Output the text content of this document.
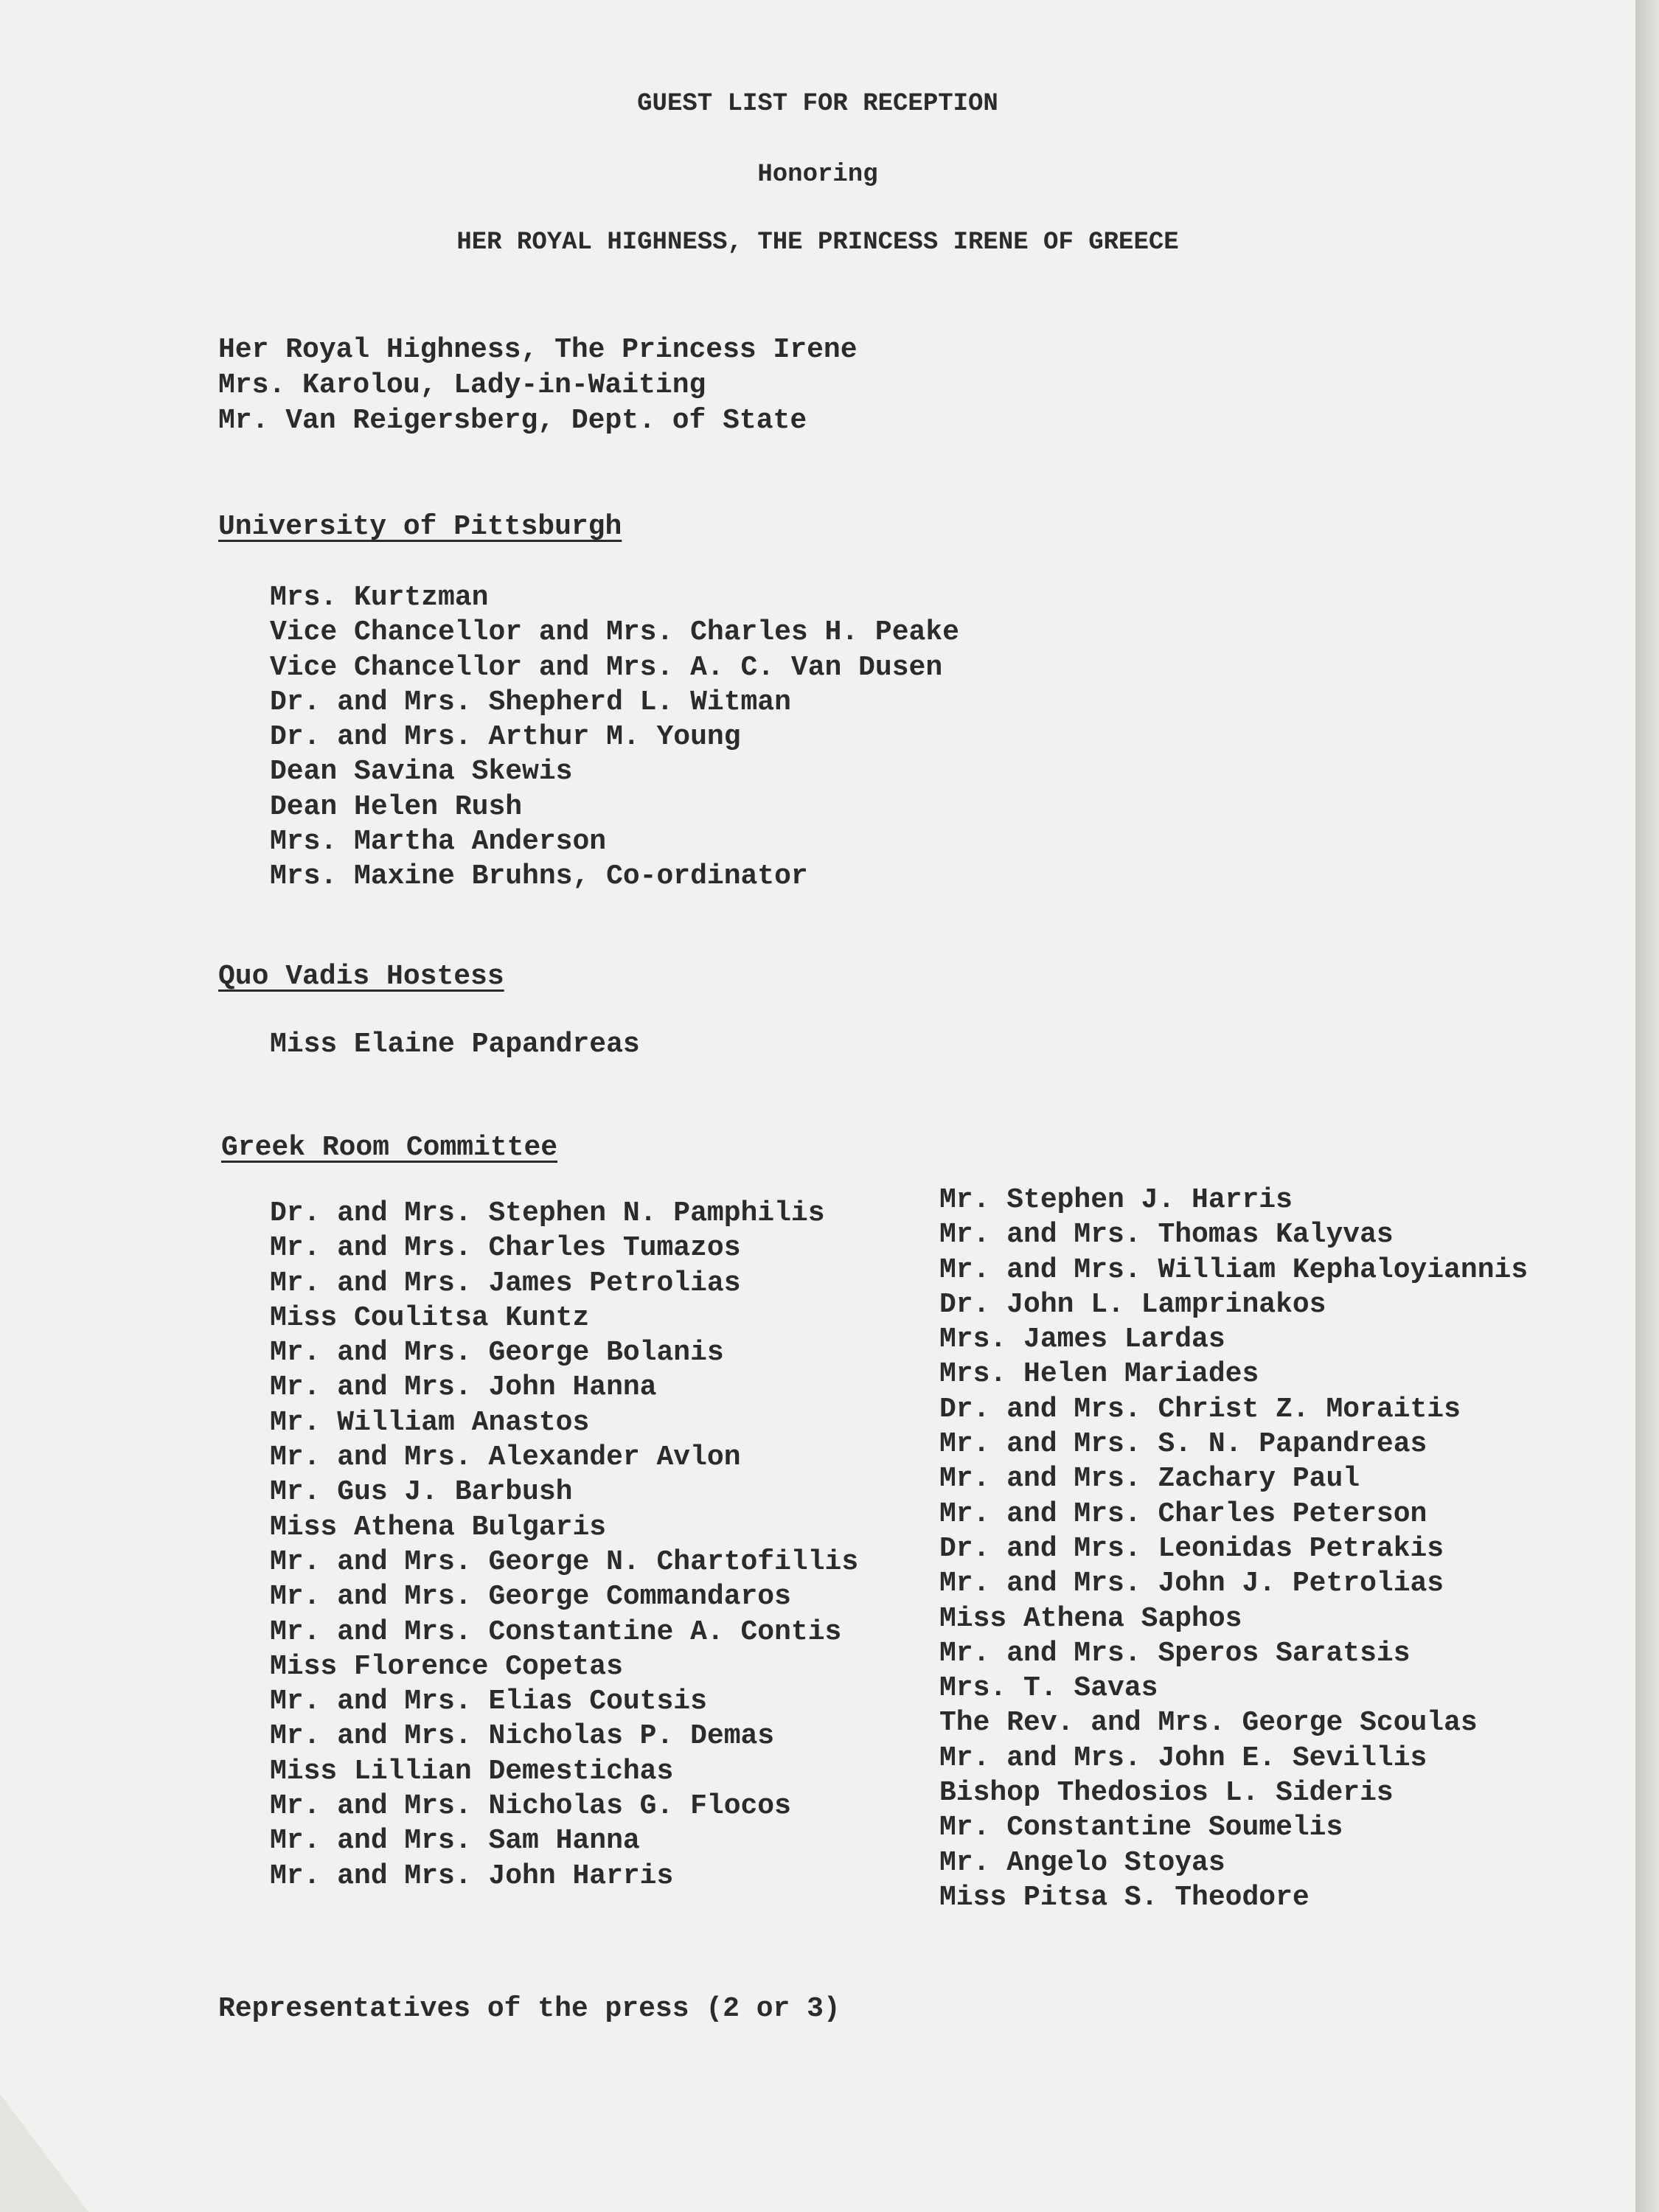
GUEST LIST FOR RECEPTION
Honoring
HER ROYAL HIGHNESS, THE PRINCESS IRENE OF GREECE
Her Royal Highness, The Princess Irene
Mrs. Karolou, Lady-in-Waiting
Mr. Van Reigersberg, Dept. of State
University of Pittsburgh
Mrs. Kurtzman
Vice Chancellor and Mrs. Charles H. Peake
Vice Chancellor and Mrs. A. C. Van Dusen
Dr. and Mrs. Shepherd L. Witman
Dr. and Mrs. Arthur M. Young
Dean Savina Skewis
Dean Helen Rush
Mrs. Martha Anderson
Mrs. Maxine Bruhns, Co-ordinator
Quo Vadis Hostess
Miss Elaine Papandreas
Greek Room Committee
Dr. and Mrs. Stephen N. Pamphilis
Mr. and Mrs. Charles Tumazos
Mr. and Mrs. James Petrolias
Miss Coulitsa Kuntz
Mr. and Mrs. George Bolanis
Mr. and Mrs. John Hanna
Mr. William Anastos
Mr. and Mrs. Alexander Avlon
Mr. Gus J. Barbush
Miss Athena Bulgaris
Mr. and Mrs. George N. Chartofillis
Mr. and Mrs. George Commandaros
Mr. and Mrs. Constantine A. Contis
Miss Florence Copetas
Mr. and Mrs. Elias Coutsis
Mr. and Mrs. Nicholas P. Demas
Miss Lillian Demestichas
Mr. and Mrs. Nicholas G. Flocos
Mr. and Mrs. Sam Hanna
Mr. and Mrs. John Harris
Mr. Stephen J. Harris
Mr. and Mrs. Thomas Kalyvas
Mr. and Mrs. William Kephaloyiannis
Dr. John L. Lamprinakos
Mrs. James Lardas
Mrs. Helen Mariades
Dr. and Mrs. Christ Z. Moraitis
Mr. and Mrs. S. N. Papandreas
Mr. and Mrs. Zachary Paul
Mr. and Mrs. Charles Peterson
Dr. and Mrs. Leonidas Petrakis
Mr. and Mrs. John J. Petrolias
Miss Athena Saphos
Mr. and Mrs. Speros Saratsis
Mrs. T. Savas
The Rev. and Mrs. George Scoulas
Mr. and Mrs. John E. Sevillis
Bishop Thedosios L. Sideris
Mr. Constantine Soumelis
Mr. Angelo Stoyas
Miss Pitsa S. Theodore
Representatives of the press (2 or 3)
